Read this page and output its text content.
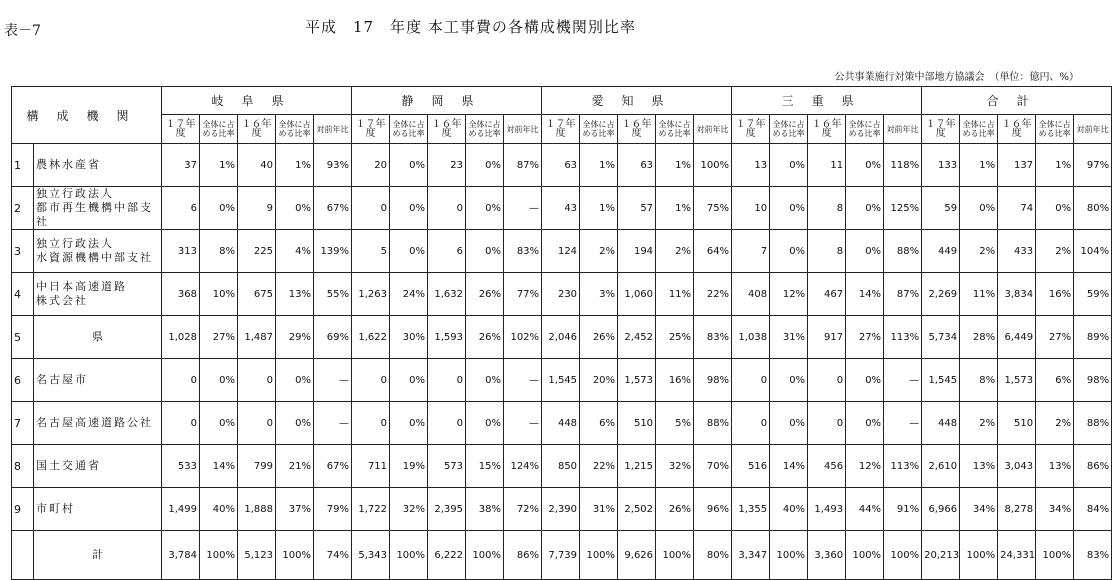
表－7	平成　17　年度 本工事費の各構成機関別比率
公共事業施行対策中部地方協議会　（単位：億円、%）
構成機関		岐阜県					静岡県					愛知県					三重県					合計				
		１７年度	全体に占める比率	１６年度	全体に占める比率	対前年比	１７年度	全体に占める比率	１６年度	全体に占める比率	対前年比	１７年度	全体に占める比率	１６年度	全体に占める比率	対前年比	１７年度	全体に占める比率	１６年度	全体に占める比率	対前年比	１７年度	全体に占める比率	１６年度	全体に占める比率	対前年比
1	農林水産省	37	1%	40	1%	93%	20	0%	23	0%	87%	63	1%	63	1%	100%	13	0%	11	0%	118%	133	1%	137	1%	97%
2	独立行政法人
都市再生機構中部支社	6	0%	9	0%	67%	0	0%	0	0%	—	43	1%	57	1%	75%	10	0%	8	0%	125%	59	0%	74	0%	80%
3	独立行政法人
水資源機構中部支社	313	8%	225	4%	139%	5	0%	6	0%	83%	124	2%	194	2%	64%	7	0%	8	0%	88%	449	2%	433	2%	104%
4	中日本高速道路
株式会社	368	10%	675	13%	55%	1,263	24%	1,632	26%	77%	230	3%	1,060	11%	22%	408	12%	467	14%	87%	2,269	11%	3,834	16%	59%
5	県	1,028	27%	1,487	29%	69%	1,622	30%	1,593	26%	102%	2,046	26%	2,452	25%	83%	1,038	31%	917	27%	113%	5,734	28%	6,449	27%	89%
6	名古屋市	0	0%	0	0%	—	0	0%	0	0%	—	1,545	20%	1,573	16%	98%	0	0%	0	0%	—	1,545	8%	1,573	6%	98%
7	名古屋高速道路公社	0	0%	0	0%	—	0	0%	0	0%	—	448	6%	510	5%	88%	0	0%	0	0%	—	448	2%	510	2%	88%
8	国土交通省	533	14%	799	21%	67%	711	19%	573	15%	124%	850	22%	1,215	32%	70%	516	14%	456	12%	113%	2,610	13%	3,043	13%	86%
9	市町村	1,499	40%	1,888	37%	79%	1,722	32%	2,395	38%	72%	2,390	31%	2,502	26%	96%	1,355	40%	1,493	44%	91%	6,966	34%	8,278	34%	84%
	計	3,784	100%	5,123	100%	74%	5,343	100%	6,222	100%	86%	7,739	100%	9,626	100%	80%	3,347	100%	3,360	100%	100%	20,213	100%	24,331	100%	83%
